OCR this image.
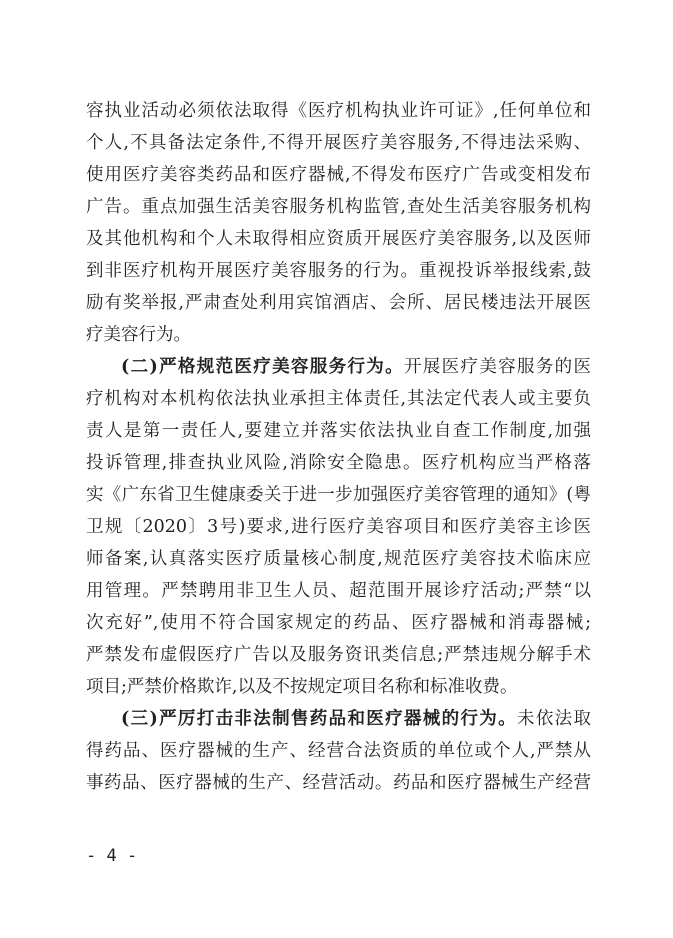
容执业活动必须依法取得《医疗机构执业许可证》,任何单位和
个人,不具备法定条件,不得开展医疗美容服务,不得违法采购、
使用医疗美容类药品和医疗器械,不得发布医疗广告或变相发布
广告。重点加强生活美容服务机构监管,查处生活美容服务机构
及其他机构和个人未取得相应资质开展医疗美容服务,以及医师
到非医疗机构开展医疗美容服务的行为。重视投诉举报线索,鼓
励有奖举报,严肃查处利用宾馆酒店、会所、居民楼违法开展医
疗美容行为。
(二)严格规范医疗美容服务行为。开展医疗美容服务的医
疗机构对本机构依法执业承担主体责任,其法定代表人或主要负
责人是第一责任人,要建立并落实依法执业自查工作制度,加强
投诉管理,排查执业风险,消除安全隐患。医疗机构应当严格落
实《广东省卫生健康委关于进一步加强医疗美容管理的通知》(粤
卫规〔2020〕3号)要求,进行医疗美容项目和医疗美容主诊医
师备案,认真落实医疗质量核心制度,规范医疗美容技术临床应
用管理。严禁聘用非卫生人员、超范围开展诊疗活动;严禁“以
次充好”,使用不符合国家规定的药品、医疗器械和消毒器械;
严禁发布虚假医疗广告以及服务资讯类信息;严禁违规分解手术
项目;严禁价格欺诈,以及不按规定项目名称和标准收费。
(三)严厉打击非法制售药品和医疗器械的行为。未依法取
得药品、医疗器械的生产、经营合法资质的单位或个人,严禁从
事药品、医疗器械的生产、经营活动。药品和医疗器械生产经营
- 4 -
